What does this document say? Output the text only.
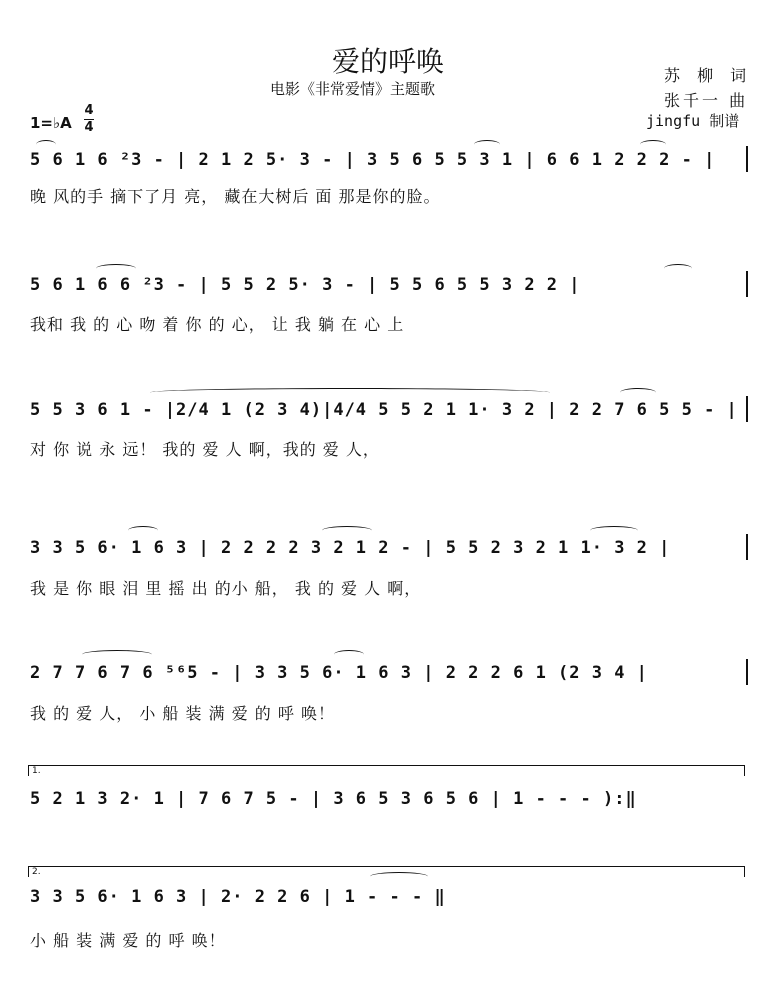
爱的呼唤
电影《非常爱情》主题歌
苏 柳 词
张千一 曲
jingfu 制谱
1=♭A
4
4
5 6 1 6 ²3 - | 2 1 2 5· 3 - | 3 5 6 5 5 3 1 | 6 6 1 2 2 2 - |
晚 风的手 摘下了月 亮， 藏在大树后 面 那是你的脸。
5 6 1 6 6 ²3 - | 5 5 2 5· 3 - | 5 5 6 5 5 3 2 2 |
我和 我 的 心 吻 着 你 的 心， 让 我 躺 在 心 上
5 5 3 6 1 - |2/4 1 (2 3 4)|4/4 5 5 2 1 1· 3 2 | 2 2 7 6 5 5 - |
对 你 说 永 远！ 我的 爱 人 啊，我的 爱 人，
3 3 5 6· 1 6 3 | 2 2 2 2 3 2 1 2 - | 5 5 2 3 2 1 1· 3 2 |
我 是 你 眼 泪 里 摇 出 的小 船， 我 的 爱 人 啊，
2 7 7 6 7 6 ⁵⁶5 - | 3 3 5 6· 1 6 3 | 2 2 2 6 1 (2 3 4 |
我 的 爱 人， 小 船 装 满 爱 的 呼 唤！
1.
5 2 1 3 2· 1 | 7 6 7 5 - | 3 6 5 3 6 5 6 | 1 - - - ):‖
2.
3 3 5 6· 1 6 3 | 2· 2 2 6 | 1 - - - ‖
小 船 装 满 爱 的 呼 唤！
